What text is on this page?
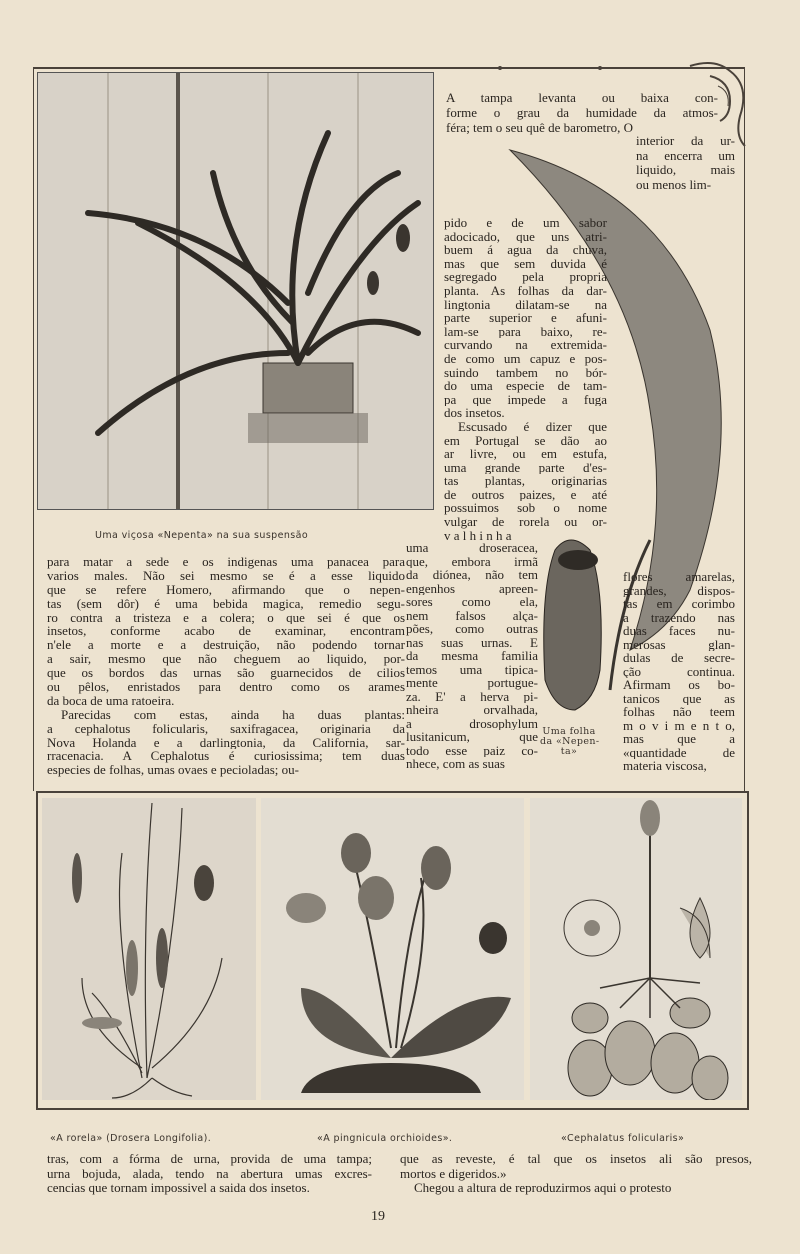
Uma viçosa «Nepenta» na sua suspensão
Uma folha
da «Nepen-
ta»
A tampa levanta ou baixa con-
forme o grau da humidade da atmos-
féra; tem o seu quê de barometro, O
interior da ur-
na encerra um
liquido, mais
ou menos lim-
pido e de um sabor
adocicado, que uns atri-
buem á agua da chuva,
mas que sem duvida é
segregado pela propria
planta. As folhas da dar-
lingtonia dilatam-se na
parte superior e afuni-
lam-se para baixo, re-
curvando na extremida-
de como um capuz e pos-
suindo tambem no bór-
do uma especie de tam-
pa que impede a fuga
dos insetos.
Escusado é dizer que
em Portugal se dão ao
ar livre, ou em estufa,
uma grande parte d'es-
tas plantas, originarias
de outros paizes, e até
possuimos sob o nome
vulgar de rorela ou or-
v a l h i n h a
para matar a sede e os indigenas uma panacea para
varios males. Não sei mesmo se é a esse liquido
que se refere Homero, afirmando que o nepen-
tas (sem dôr) é uma bebida magica, remedio segu-
ro contra a tristeza e a colera; o que sei é que os
insetos, conforme acabo de examinar, encontram
n'ele a morte e a destruição, não podendo tornar
a sair, mesmo que não cheguem ao liquido, por-
que os bordos das urnas são guarnecidos de cilios
ou pêlos, enristados para dentro como os arames
da boca de uma ratoeira.
Parecidas com estas, ainda ha duas plantas:
a cephalotus folicularis, saxifragacea, originaria da
Nova Holanda e a darlingtonia, da California, sar-
rracenacia. A Cephalotus é curiosissima; tem duas
especies de folhas, umas ovaes e pecioladas; ou-
uma droseracea,
que, embora irmã
da diónea, não tem
engenhos apreen-
sores como ela,
nem falsos alça-
pões, como outras
nas suas urnas. E
da mesma familia
temos uma tipica-
mente portugue-
za. E' a herva pi-
nheira orvalhada,
a drosophylum
lusitanicum, que
todo esse paiz co-
nhece, com as suas
flores amarelas,
grandes, dispos-
tas em corimbo
a trazendo nas
duas faces nu-
merosas glan-
dulas de secre-
ção continua.
Afirmam os bo-
tanicos que as
folhas não teem
m o v i m e n t o,
mas que a
«quantidade de
materia viscosa,
«A rorela» (Drosera Longifolia).	«A pingnicula orchioides».	«Cephalatus folicularis»
tras, com a fórma de urna, provida de uma tampa;
urna bojuda, alada, tendo na abertura umas excres-
cencias que tornam impossivel a saida dos insetos.
que as reveste, é tal que os insetos ali são presos,
mortos e digeridos.»
Chegou a altura de reproduzirmos aqui o protesto
19
